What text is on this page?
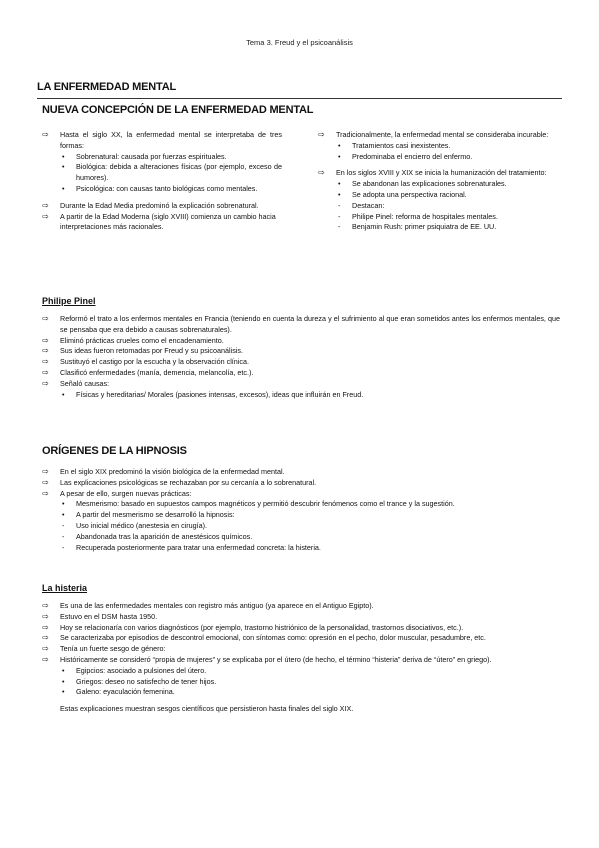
Tema 3. Freud y el psicoanálisis
LA ENFERMEDAD MENTAL
NUEVA CONCEPCIÓN DE LA ENFERMEDAD MENTAL
⇨	Hasta el siglo XX, la enfermedad mental se interpretaba de tres formas:
•	Sobrenatural: causada por fuerzas espirituales.
•	Biológica: debida a alteraciones físicas (por ejemplo, exceso de humores).
•	Psicológica: con causas tanto biológicas como mentales.
⇨	Durante la Edad Media predominó la explicación sobrenatural.
⇨	A partir de la Edad Moderna (siglo XVIII) comienza un cambio hacia interpretaciones más racionales.
⇨	Tradicionalmente, la enfermedad mental se consideraba incurable:
•	Tratamientos casi inexistentes.
•	Predominaba el encierro del enfermo.
⇨	En los siglos XVIII y XIX se inicia la humanización del tratamiento:
•	Se abandonan las explicaciones sobrenaturales.
•	Se adopta una perspectiva racional.
-	Destacan:
-	Philipe Pinel: reforma de hospitales mentales.
-	Benjamin Rush: primer psiquiatra de EE. UU.
Philipe Pinel
⇨	Reformó el trato a los enfermos mentales en Francia (teniendo en cuenta la dureza y el sufrimiento al que eran sometidos antes los enfermos mentales, que se pensaba que era debido a causas sobrenaturales).
⇨	Eliminó prácticas crueles como el encadenamiento.
⇨	Sus ideas fueron retomadas por Freud y su psicoanálisis.
⇨	Sustituyó el castigo por la escucha y la observación clínica.
⇨	Clasificó enfermedades (manía, demencia, melancolía, etc.).
⇨	Señaló causas:
•	Físicas y hereditarias/ Morales (pasiones intensas, excesos), ideas que influirán en Freud.
ORÍGENES DE LA HIPNOSIS
⇨	En el siglo XIX predominó la visión biológica de la enfermedad mental.
⇨	Las explicaciones psicológicas se rechazaban por su cercanía a lo sobrenatural.
⇨	A pesar de ello, surgen nuevas prácticas:
•	Mesmerismo: basado en supuestos campos magnéticos y permitió descubrir fenómenos como el trance y la sugestión.
•	A partir del mesmerismo se desarrolló la hipnosis:
-	Uso inicial médico (anestesia en cirugía).
-	Abandonada tras la aparición de anestésicos químicos.
-	Recuperada posteriormente para tratar una enfermedad concreta: la histeria.
La histeria
⇨	Es una de las enfermedades mentales con registro más antiguo (ya aparece en el Antiguo Egipto).
⇨	Estuvo en el DSM hasta 1950.
⇨	Hoy se relacionaría con varios diagnósticos (por ejemplo, trastorno histriónico de la personalidad, trastornos disociativos, etc.).
⇨	Se caracterizaba por episodios de descontrol emocional, con síntomas como: opresión en el pecho, dolor muscular, pesadumbre, etc.
⇨	Tenía un fuerte sesgo de género:
⇨	Históricamente se consideró “propia de mujeres” y se explicaba por el útero (de hecho, el término “histeria” deriva de “útero” en griego).
•	Egipcios: asociado a pulsiones del útero.
•	Griegos: deseo no satisfecho de tener hijos.
•	Galeno: eyaculación femenina.
Estas explicaciones muestran sesgos científicos que persistieron hasta finales del siglo XIX.
